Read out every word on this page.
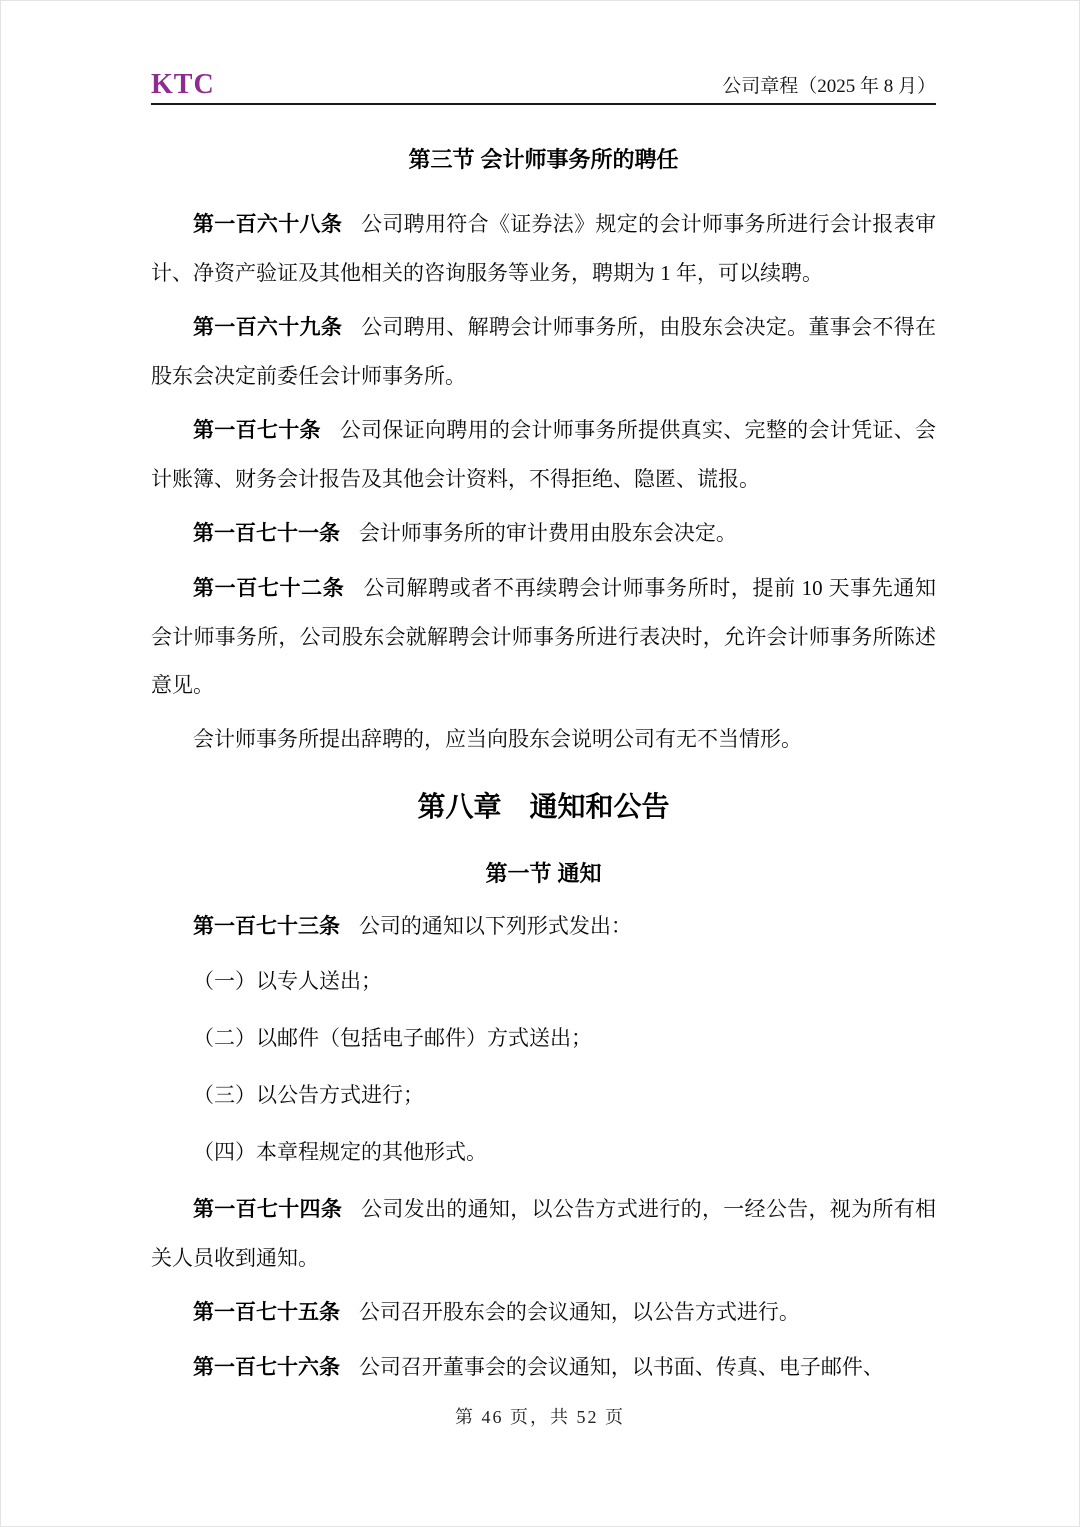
KTC	公司章程（2025 年 8 月）
第三节 会计师事务所的聘任

第一百六十八条 公司聘用符合《证券法》规定的会计师事务所进行会计报表审计、净资产验证及其他相关的咨询服务等业务，聘期为 1 年，可以续聘。

第一百六十九条 公司聘用、解聘会计师事务所，由股东会决定。董事会不得在股东会决定前委任会计师事务所。

第一百七十条 公司保证向聘用的会计师事务所提供真实、完整的会计凭证、会计账簿、财务会计报告及其他会计资料，不得拒绝、隐匿、谎报。

第一百七十一条 会计师事务所的审计费用由股东会决定。

第一百七十二条 公司解聘或者不再续聘会计师事务所时，提前 10 天事先通知会计师事务所，公司股东会就解聘会计师事务所进行表决时，允许会计师事务所陈述意见。

会计师事务所提出辞聘的，应当向股东会说明公司有无不当情形。

第八章　通知和公告
第一节 通知

第一百七十三条 公司的通知以下列形式发出：

（一）以专人送出；

（二）以邮件（包括电子邮件）方式送出；

（三）以公告方式进行；

（四）本章程规定的其他形式。

第一百七十四条 公司发出的通知，以公告方式进行的，一经公告，视为所有相关人员收到通知。

第一百七十五条 公司召开股东会的会议通知，以公告方式进行。

第一百七十六条 公司召开董事会的会议通知，以书面、传真、电子邮件、

第 46 页，共 52 页
